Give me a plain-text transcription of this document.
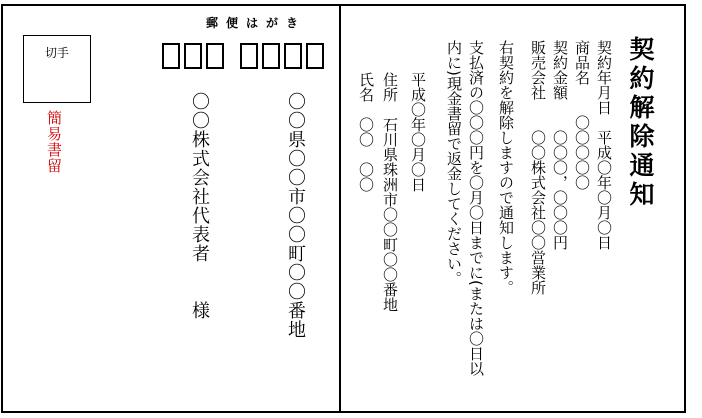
郵便はがき
切手
簡易書留	〇〇県〇〇市〇〇町〇〇番地
〇〇株式会社代表者　　様	契約解除通知
契約年月日　平成〇年〇月〇日
商品名　　〇〇〇〇〇
契約金額　　〇〇〇，〇〇〇円
販売会社　　〇〇株式会社〇〇営業所
右契約を解除しますので通知します。
支払済の〇〇〇円を〇月〇日までに(または〇日以
内に)現金書留で返金してください。
平成〇年〇月〇日
住所　石川県珠洲市〇〇町〇〇番地
氏名　〇〇　〇〇
